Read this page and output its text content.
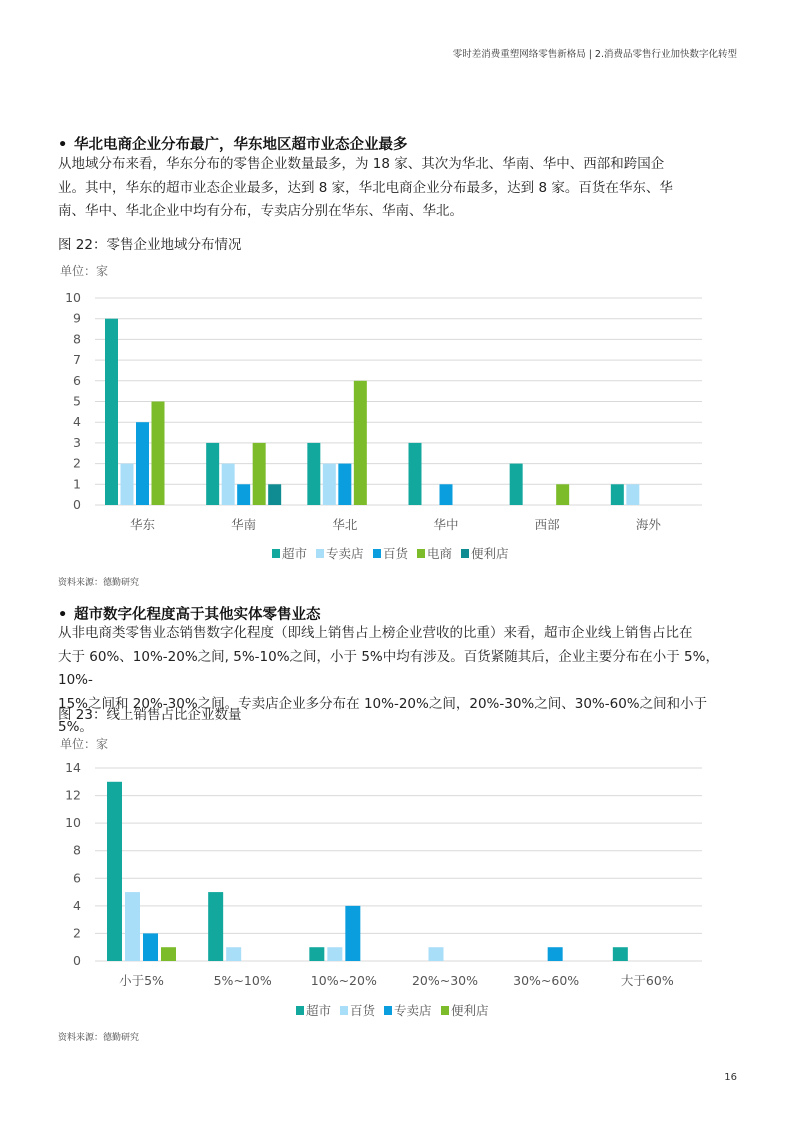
零时差消费重塑网络零售新格局 | 2.消费品零售行业加快数字化转型
• 华北电商企业分布最广，华东地区超市业态企业最多
从地域分布来看，华东分布的零售企业数量最多，为 18 家、其次为华北、华南、华中、西部和跨国企
业。其中，华东的超市业态企业最多，达到 8 家，华北电商企业分布最多，达到 8 家。百货在华东、华
南、华中、华北企业中均有分布，专卖店分别在华东、华南、华北。
图 22：零售企业地域分布情况
单位：家
0
1
2
3
4
5
6
7
8
9
10
华东	华南	华北	华中	西部	海外
超市 专卖店 百货 电商 便利店
资料来源：德勤研究
• 超市数字化程度高于其他实体零售业态
从非电商类零售业态销售数字化程度（即线上销售占上榜企业营收的比重）来看，超市企业线上销售占比在
大于 60%、10%-20%之间, 5%-10%之间，小于 5%中均有涉及。百货紧随其后，企业主要分布在小于 5%，10%-
15%之间和 20%-30%之间。专卖店企业多分布在 10%-20%之间，20%-30%之间、30%-60%之间和小于 5%。
图 23：线上销售占比企业数量
单位：家
0
2
4
6
8
10
12
14
小于5%	5%~10%	10%~20%	20%~30%	30%~60%	大于60%
超市 百货 专卖店 便利店
资料来源：德勤研究
16
